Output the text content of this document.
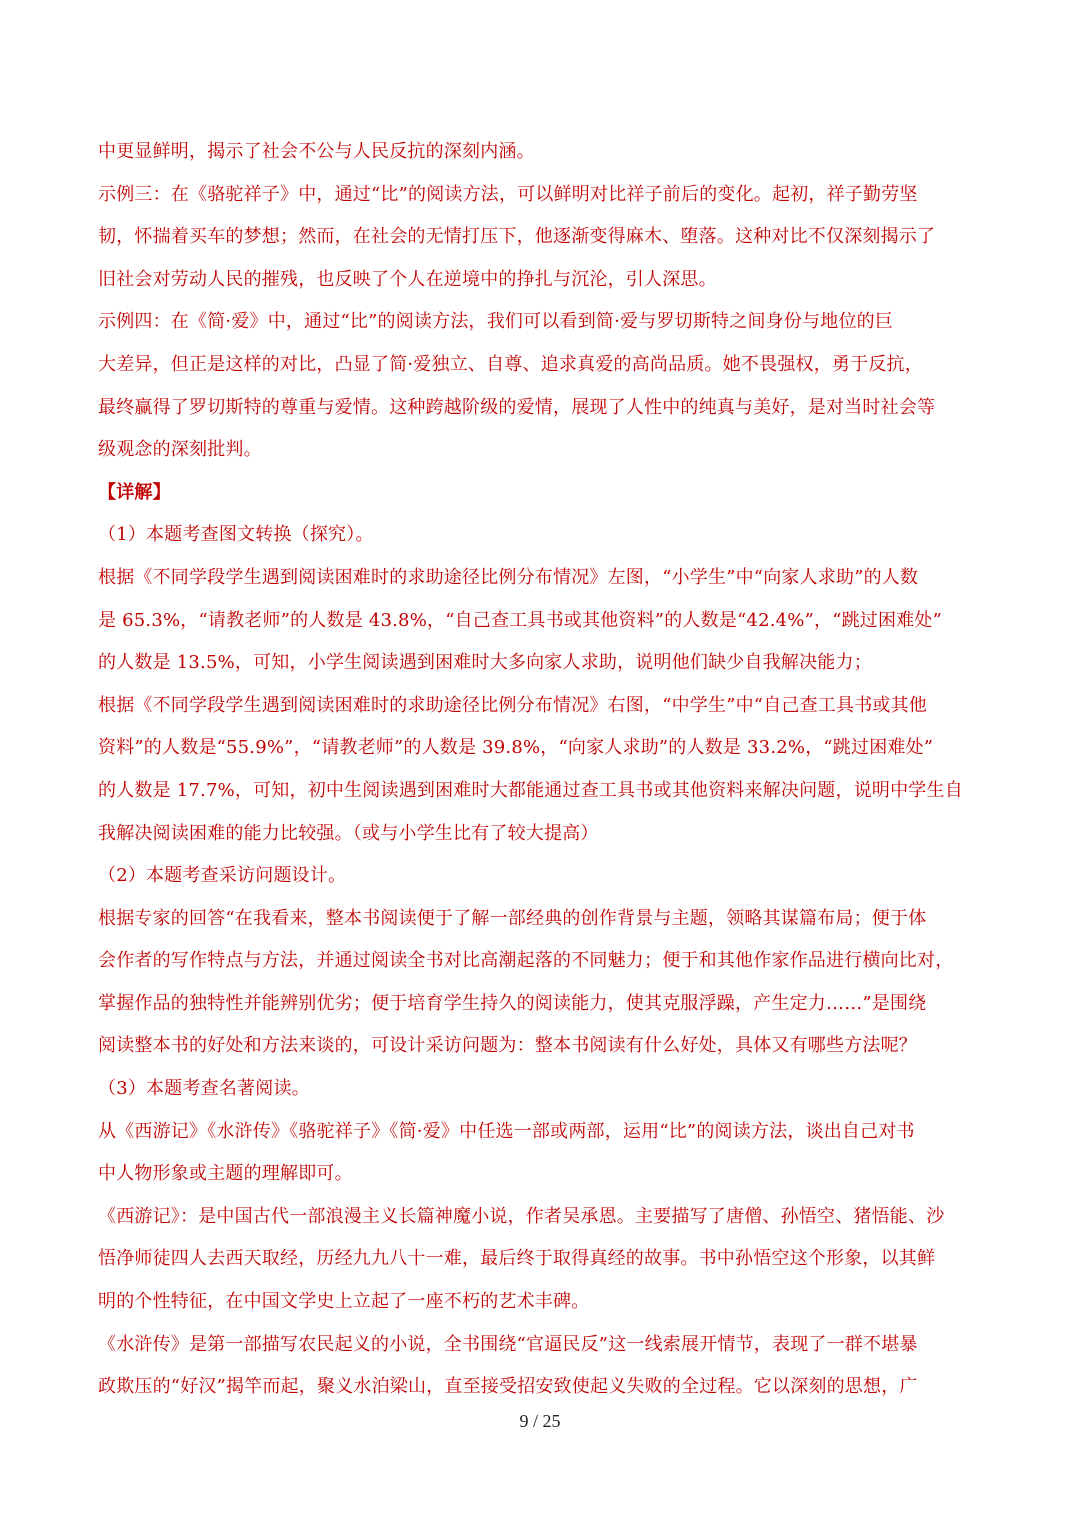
中更显鲜明，揭示了社会不公与人民反抗的深刻内涵。
示例三：在《骆驼祥子》中，通过“比”的阅读方法，可以鲜明对比祥子前后的变化。起初，祥子勤劳坚
韧，怀揣着买车的梦想；然而，在社会的无情打压下，他逐渐变得麻木、堕落。这种对比不仅深刻揭示了
旧社会对劳动人民的摧残，也反映了个人在逆境中的挣扎与沉沦，引人深思。
示例四：在《简·爱》中，通过“比”的阅读方法，我们可以看到简·爱与罗切斯特之间身份与地位的巨
大差异，但正是这样的对比，凸显了简·爱独立、自尊、追求真爱的高尚品质。她不畏强权，勇于反抗，
最终赢得了罗切斯特的尊重与爱情。这种跨越阶级的爱情，展现了人性中的纯真与美好，是对当时社会等
级观念的深刻批判。
【详解】
（1）本题考查图文转换（探究）。
根据《不同学段学生遇到阅读困难时的求助途径比例分布情况》左图，“小学生”中“向家人求助”的人数
是 65.3%，“请教老师”的人数是 43.8%，“自己查工具书或其他资料”的人数是“42.4%”，“跳过困难处”
的人数是 13.5%，可知，小学生阅读遇到困难时大多向家人求助，说明他们缺少自我解决能力；
根据《不同学段学生遇到阅读困难时的求助途径比例分布情况》右图，“中学生”中“自己查工具书或其他
资料”的人数是“55.9%”，“请教老师”的人数是 39.8%，“向家人求助”的人数是 33.2%，“跳过困难处”
的人数是 17.7%，可知，初中生阅读遇到困难时大都能通过查工具书或其他资料来解决问题，说明中学生自
我解决阅读困难的能力比较强。（或与小学生比有了较大提高）
（2）本题考查采访问题设计。
根据专家的回答“在我看来，整本书阅读便于了解一部经典的创作背景与主题，领略其谋篇布局；便于体
会作者的写作特点与方法，并通过阅读全书对比高潮起落的不同魅力；便于和其他作家作品进行横向比对，
掌握作品的独特性并能辨别优劣；便于培育学生持久的阅读能力，使其克服浮躁，产生定力……”是围绕
阅读整本书的好处和方法来谈的，可设计采访问题为：整本书阅读有什么好处，具体又有哪些方法呢？
（3）本题考查名著阅读。
从《西游记》《水浒传》《骆驼祥子》《简·爱》中任选一部或两部，运用“比”的阅读方法，谈出自己对书
中人物形象或主题的理解即可。
《西游记》：是中国古代一部浪漫主义长篇神魔小说，作者吴承恩。主要描写了唐僧、孙悟空、猪悟能、沙
悟净师徒四人去西天取经，历经九九八十一难，最后终于取得真经的故事。书中孙悟空这个形象，以其鲜
明的个性特征，在中国文学史上立起了一座不朽的艺术丰碑。
《水浒传》是第一部描写农民起义的小说，全书围绕“官逼民反”这一线索展开情节，表现了一群不堪暴
政欺压的“好汉”揭竿而起，聚义水泊梁山，直至接受招安致使起义失败的全过程。它以深刻的思想，广
9 / 25
